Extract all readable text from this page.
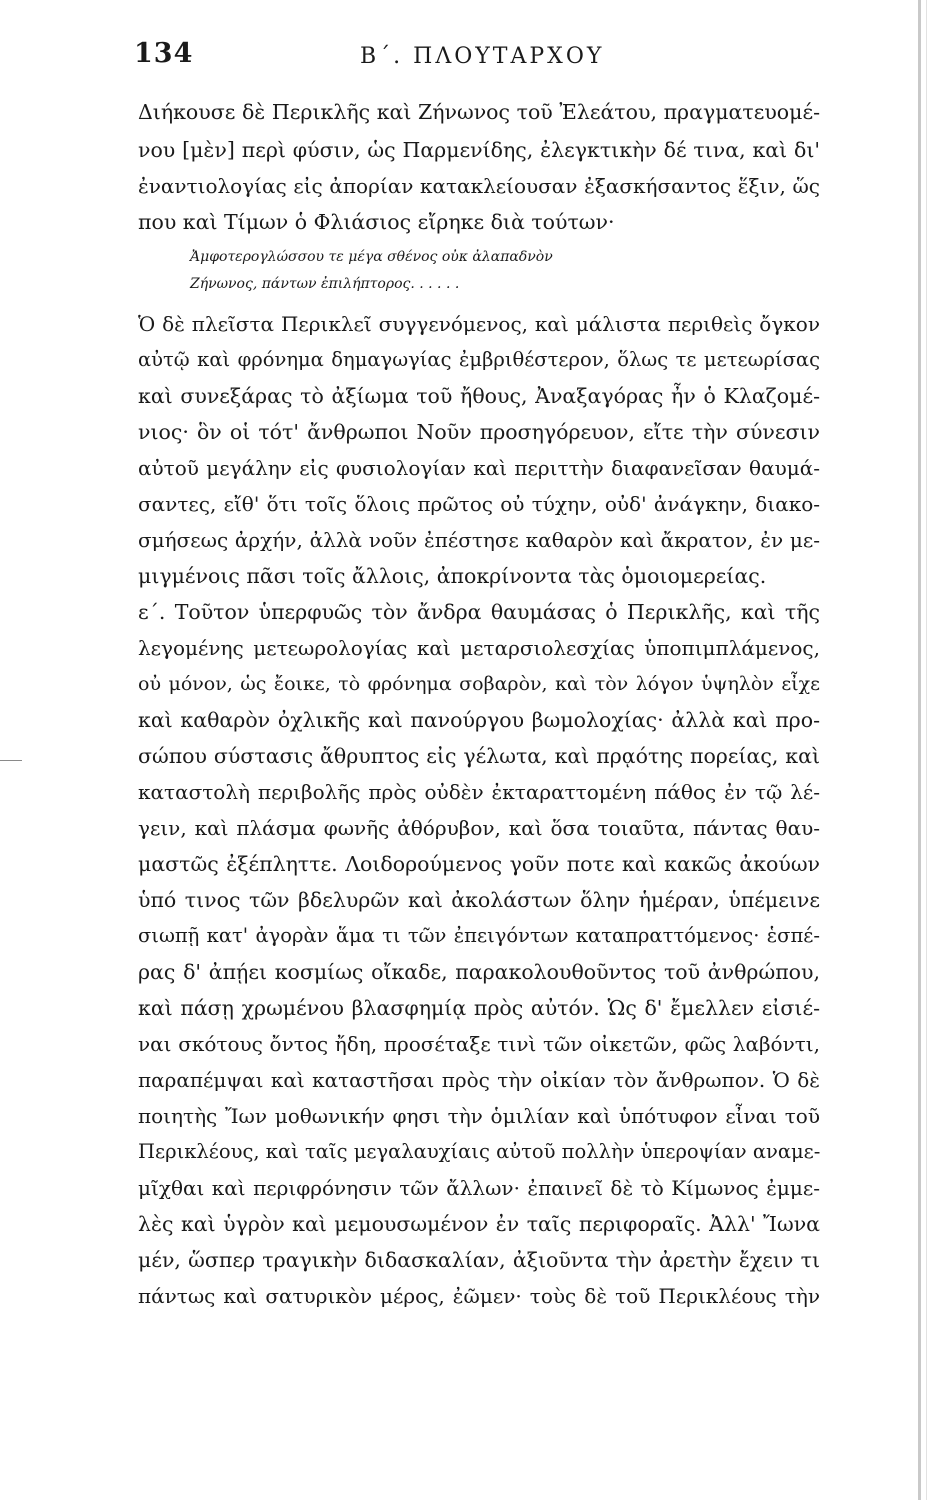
134	Β΄. ΠΛΟΥΤΑΡΧΟΥ
Διήκουσε δὲ Περικλῆς καὶ Ζήνωνος τοῦ Ἐλεάτου, πραγματευομέ-
νου [μὲν] περὶ φύσιν, ὡς Παρμενίδης, ἐλεγκτικὴν δέ τινα, καὶ δι'
ἐναντιολογίας εἰς ἀπορίαν κατακλείουσαν ἐξασκήσαντος ἕξιν, ὥς
που καὶ Τίμων ὁ Φλιάσιος εἴρηκε διὰ τούτων·
Ἀμφοτερογλώσσου τε μέγα σθένος οὐκ ἀλαπαδνὸν
Ζήνωνος, πάντων ἐπιλήπτορος. . . . . .
Ὁ δὲ πλεῖστα Περικλεῖ συγγενόμενος, καὶ μάλιστα περιθεὶς ὄγκον
αὐτῷ καὶ φρόνημα δημαγωγίας ἐμβριθέστερον, ὅλως τε μετεωρίσας
καὶ συνεξάρας τὸ ἀξίωμα τοῦ ἤθους, Ἀναξαγόρας ἦν ὁ Κλαζομέ-
νιος· ὃν οἱ τότ' ἄνθρωποι Νοῦν προσηγόρευον, εἴτε τὴν σύνεσιν
αὐτοῦ μεγάλην εἰς φυσιολογίαν καὶ περιττὴν διαφανεῖσαν θαυμά-
σαντες, εἴθ' ὅτι τοῖς ὅλοις πρῶτος οὐ τύχην, οὐδ' ἀνάγκην, διακο-
σμήσεως ἀρχήν, ἀλλὰ νοῦν ἐπέστησε καθαρὸν καὶ ἄκρατον, ἐν με-
μιγμένοις πᾶσι τοῖς ἄλλοις, ἀποκρίνοντα τὰς ὁμοιομερείας.
ε΄. Τοῦτον ὑπερφυῶς τὸν ἄνδρα θαυμάσας ὁ Περικλῆς, καὶ τῆς
λεγομένης μετεωρολογίας καὶ μεταρσιολεσχίας ὑποπιμπλάμενος,
οὐ μόνον, ὡς ἔοικε, τὸ φρόνημα σοβαρὸν, καὶ τὸν λόγον ὑψηλὸν εἶχε
καὶ καθαρὸν ὀχλικῆς καὶ πανούργου βωμολοχίας· ἀλλὰ καὶ προ-
σώπου σύστασις ἄθρυπτος εἰς γέλωτα, καὶ πρᾳότης πορείας, καὶ
καταστολὴ περιβολῆς πρὸς οὐδὲν ἐκταραττομένη πάθος ἐν τῷ λέ-
γειν, καὶ πλάσμα φωνῆς ἀθόρυβον, καὶ ὅσα τοιαῦτα, πάντας θαυ-
μαστῶς ἐξέπληττε. Λοιδορούμενος γοῦν ποτε καὶ κακῶς ἀκούων
ὑπό τινος τῶν βδελυρῶν καὶ ἀκολάστων ὅλην ἡμέραν, ὑπέμεινε
σιωπῇ κατ' ἀγορὰν ἅμα τι τῶν ἐπειγόντων καταπραττόμενος· ἑσπέ-
ρας δ' ἀπῄει κοσμίως οἴκαδε, παρακολουθοῦντος τοῦ ἀνθρώπου,
καὶ πάσῃ χρωμένου βλασφημίᾳ πρὸς αὐτόν. Ὡς δ' ἔμελλεν εἰσιέ-
ναι σκότους ὄντος ἤδη, προσέταξε τινὶ τῶν οἰκετῶν, φῶς λαβόντι,
παραπέμψαι καὶ καταστῆσαι πρὸς τὴν οἰκίαν τὸν ἄνθρωπον. Ὁ δὲ
ποιητὴς Ἴων μοθωνικήν φησι τὴν ὁμιλίαν καὶ ὑπότυφον εἶναι τοῦ
Περικλέους, καὶ ταῖς μεγαλαυχίαις αὐτοῦ πολλὴν ὑπεροψίαν αναμε-
μῖχθαι καὶ περιφρόνησιν τῶν ἄλλων· ἐπαινεῖ δὲ τὸ Κίμωνος ἐμμε-
λὲς καὶ ὑγρὸν καὶ μεμουσωμένον ἐν ταῖς περιφοραῖς. Ἀλλ' Ἴωνα
μέν, ὥσπερ τραγικὴν διδασκαλίαν, ἀξιοῦντα τὴν ἀρετὴν ἔχειν τι
πάντως καὶ σατυρικὸν μέρος, ἐῶμεν· τοὺς δὲ τοῦ Περικλέους τὴν
